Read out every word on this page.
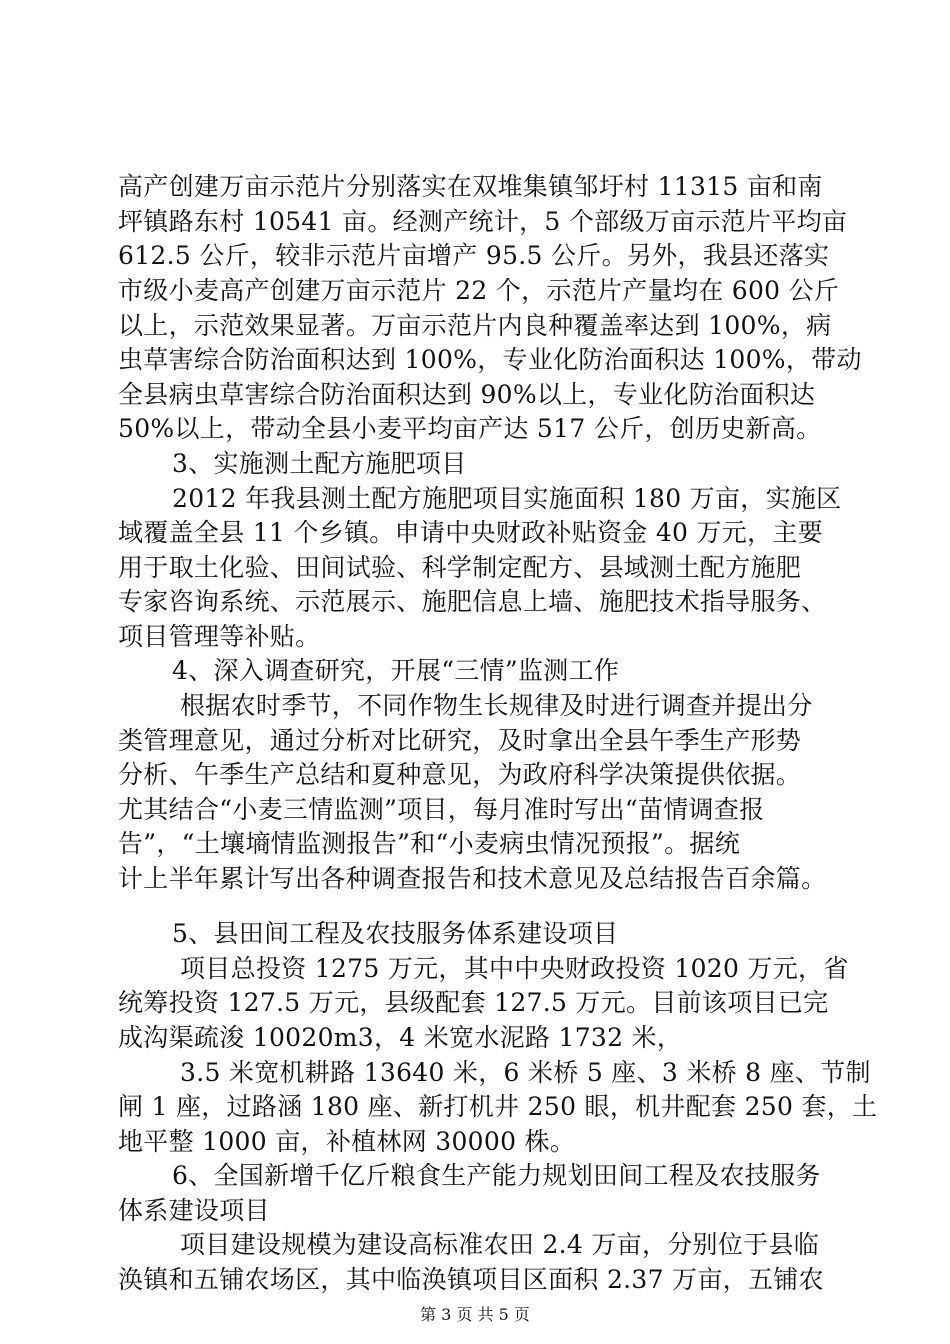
高产创建万亩示范片分别落实在双堆集镇邹圩村 11315 亩和南
坪镇路东村 10541 亩。经测产统计，5 个部级万亩示范片平均亩
612.5 公斤，较非示范片亩增产 95.5 公斤。另外，我县还落实
市级小麦高产创建万亩示范片 22 个，示范片产量均在 600 公斤
以上，示范效果显著。万亩示范片内良种覆盖率达到 100%，病
虫草害综合防治面积达到 100%，专业化防治面积达 100%，带动
全县病虫草害综合防治面积达到 90%以上，专业化防治面积达
50%以上，带动全县小麦平均亩产达 517 公斤，创历史新高。
3、实施测土配方施肥项目
2012 年我县测土配方施肥项目实施面积 180 万亩，实施区
域覆盖全县 11 个乡镇。申请中央财政补贴资金 40 万元，主要
用于取土化验、田间试验、科学制定配方、县域测土配方施肥
专家咨询系统、示范展示、施肥信息上墙、施肥技术指导服务、
项目管理等补贴。
4、深入调查研究，开展“三情”监测工作
根据农时季节，不同作物生长规律及时进行调查并提出分
类管理意见，通过分析对比研究，及时拿出全县午季生产形势
分析、午季生产总结和夏种意见，为政府科学决策提供依据。
尤其结合“小麦三情监测”项目，每月准时写出“苗情调查报
告”，“土壤墒情监测报告”和“小麦病虫情况预报”。据统
计上半年累计写出各种调查报告和技术意见及总结报告百余篇。
5、县田间工程及农技服务体系建设项目
项目总投资 1275 万元，其中中央财政投资 1020 万元，省
统筹投资 127.5 万元，县级配套 127.5 万元。目前该项目已完
成沟渠疏浚 10020m3，4 米宽水泥路 1732 米，
3.5 米宽机耕路 13640 米，6 米桥 5 座、3 米桥 8 座、节制
闸 1 座，过路涵 180 座、新打机井 250 眼，机井配套 250 套，土
地平整 1000 亩，补植林网 30000 株。
6、全国新增千亿斤粮食生产能力规划田间工程及农技服务
体系建设项目
项目建设规模为建设高标准农田 2.4 万亩，分别位于县临
涣镇和五铺农场区，其中临涣镇项目区面积 2.37 万亩，五铺农
第 3 页 共 5 页
